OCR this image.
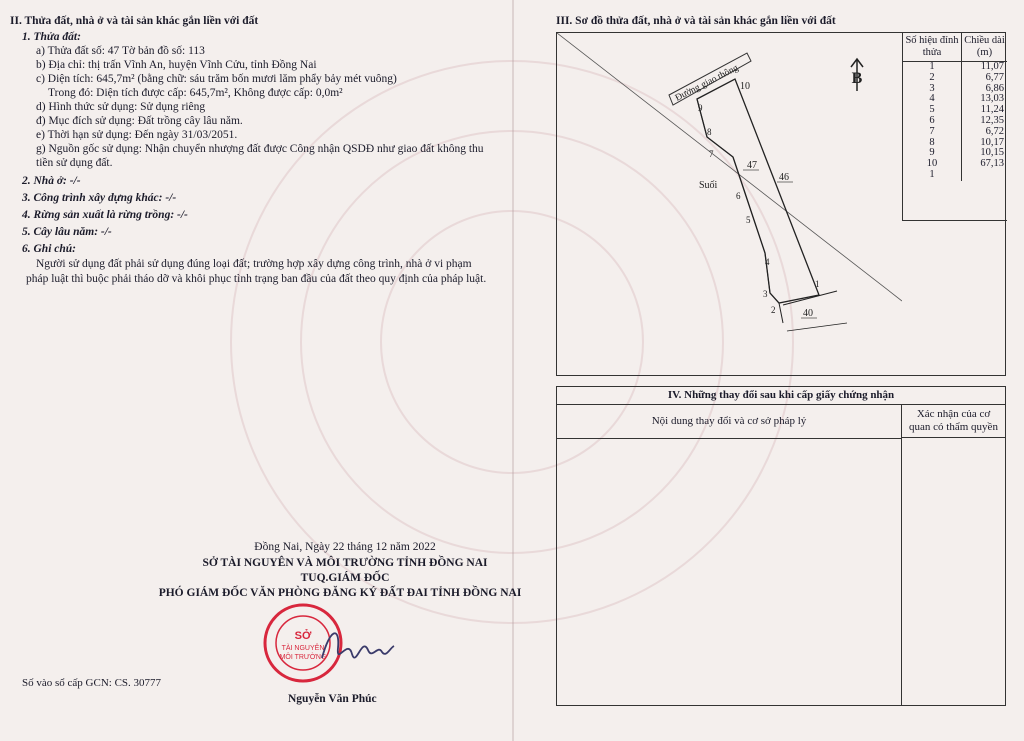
II. Thửa đất, nhà ở và tài sản khác gắn liền với đất
1. Thửa đất:
a) Thửa đất số: 47 Tờ bản đồ số: 113
b) Địa chỉ: thị trấn Vĩnh An, huyện Vĩnh Cửu, tỉnh Đồng Nai
c) Diện tích: 645,7m² (bằng chữ: sáu trăm bốn mươi lăm phẩy bảy mét vuông)
Trong đó: Diện tích được cấp: 645,7m², Không được cấp: 0,0m²
d) Hình thức sử dụng: Sử dụng riêng
đ) Mục đích sử dụng: Đất trồng cây lâu năm.
e) Thời hạn sử dụng: Đến ngày 31/03/2051.
g) Nguồn gốc sử dụng: Nhận chuyển nhượng đất được Công nhận QSDĐ như giao đất không thu
tiền sử dụng đất.
2. Nhà ở: -/-
3. Công trình xây dựng khác: -/-
4. Rừng sản xuất là rừng trồng: -/-
5. Cây lâu năm: -/-
6. Ghi chú:
Người sử dụng đất phải sử dụng đúng loại đất; trường hợp xây dựng công trình, nhà ở vi phạm
pháp luật thì buộc phải tháo dỡ và khôi phục tình trạng ban đầu của đất theo quy định của pháp luật.
Đồng Nai, Ngày 22 tháng 12 năm 2022
SỞ TÀI NGUYÊN VÀ MÔI TRƯỜNG TỈNH ĐỒNG NAI
TUQ.GIÁM ĐỐC
PHÓ GIÁM ĐỐC VĂN PHÒNG ĐĂNG KÝ ĐẤT ĐAI TỈNH ĐỒNG NAI
SỞ
TÀI NGUYÊN
MÔI TRƯỜNG
Số vào sổ cấp GCN: CS. 30777
Nguyễn Văn Phúc
III. Sơ đồ thửa đất, nhà ở và tài sản khác gắn liền với đất
Đường giao thông 10
47
46
40
Suối
9
8
7
6
5
4
3
2
1
B
Số hiệu đỉnh thửa	Chiều dài (m)
1	11,07
2	6,77
3	6,86
4	13,03
5	11,24
6	12,35
7	6,72
8	10,17
9	10,15
10	67,13
1	
IV. Những thay đổi sau khi cấp giấy chứng nhận
Nội dung thay đổi và cơ sở pháp lý
Xác nhận của cơ quan có thẩm quyền
